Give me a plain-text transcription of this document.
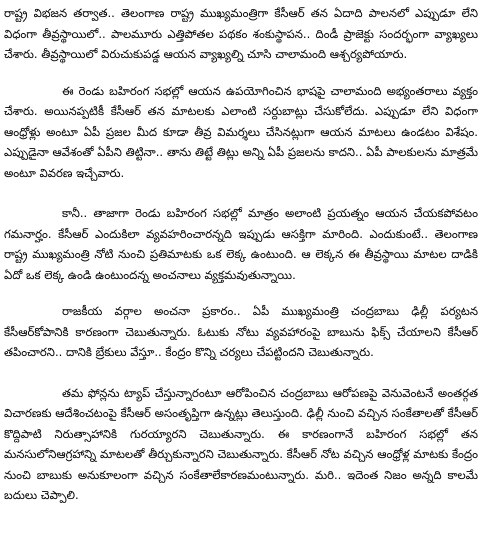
రాష్ట్ర విభజన తర్వాత.. తెలంగాణ రాష్ట్ర ముఖ్యమంత్రిగా కేసీఆర్ తన ఏదాది పాలనలో ఎప్పుడూ లేని విధంగా తీవ్రస్థాయిలో.. పాలమూరు ఎత్తిపోతల పథకం శంకుస్థాపన.. దిండీ ప్రాజెక్టు సందర్భంగా వ్యాఖ్యలు చేశారు. తీవ్రస్థాయిలో విరుచుకుపడ్డ ఆయన వ్యాఖ్యల్ని చూసి చాలామంది ఆశ్చర్యపోయారు.

ఈ రెండు బహిరంగ సభల్లో ఆయన ఉపయోగించిన భాషపై చాలామంది అభ్యంతరాలు వ్యక్తం చేశారు. అయినప్పటికీ కేసీఆర్ తన మాటలకు ఎలాంటి సర్దుబాట్లు చేసుకోలేదు. ఎప్పుడూ లేని విధంగా ఆంధ్రోళ్లు అంటూ ఏపీ ప్రజల మీద కూడా తీవ్ర విమర్శలు చేసినట్లుగా ఆయన మాటలు ఉండటం విశేషం. ఎప్పుడైనా ఆవేశంతో ఏపీని తిట్టినా.. తాను తిట్టే తిట్లు అన్ని ఏపీ ప్రజలను కాదని.. ఏపీ పాలకులను మాత్రమే అంటూ వివరణ ఇచ్చేవారు.

కానీ.. తాజాగా రెండు బహిరంగ సభల్లో మాత్రం అలాంటి ప్రయత్నం ఆయన చేయకపోవటం గమనార్హం. కేసీఆర్ ఎందుకిలా వ్యవహరించారన్నది ఇప్పుడు ఆసక్తిగా మారింది. ఎందుకుంటే.. తెలంగాణ రాష్ట్ర ముఖ్యమంత్రి నోటి నుంచి ప్రతిమాటకు ఒక లెక్క ఉంటుంది. ఆ లెక్కన ఈ తీవ్రస్థాయి మాటల దాడికి ఏదో ఒక లెక్క ఉండి ఉంటుందన్న అంచనాలు వ్యక్తమవుతున్నాయి.

రాజకీయ వర్గాల అంచనా ప్రకారం.. ఏపీ ముఖ్యమంత్రి చంద్రబాబు ఢిల్లీ పర్యటన కేసీఆర్‌కోపానికి కారణంగా చెబుతున్నారు. ఓటుకు నోటు వ్యవహారంపై బాబును ఫిక్స్ చేయాలని కేసీఆర్ తపించారని.. దానికి బ్రేకులు వేస్తూ.. కేంద్రం కొన్ని చర్యలు చేపట్టిందని చెబుతున్నారు.

తమ ఫోన్లను ట్యాప్ చేస్తున్నారంటూ ఆరోపించిన చంద్రబాబు ఆరోపణపై వెనువెంటనే అంతర్గత విచారణకు ఆదేశించటంపై కేసీఆర్ అసంతృప్తిగా ఉన్నట్లు తెలుస్తుంది. ఢిల్లీ నుంచి వచ్చిన సంకేతాలతో కేసీఆర్ కొద్దిపాటి నిరుత్సాహానికి గురయ్యారని చెబుతున్నారు. ఈ కారణంగానే బహిరంగ సభల్లో తన మనసులోనిఆగ్రహాన్ని మాటలతో తీర్చుకున్నారని చెబుతున్నారు. కేసీఆర్ నోట వచ్చిన ఆంధ్రోళ్ల మాటకు కేంద్రం నుంచి బాబుకు అనుకూలంగా వచ్చిన సంకేతాలేకారణమంటున్నారు. మరి.. ఇదెంత నిజం అన్నది కాలమే బదులు చెప్పాలి.
